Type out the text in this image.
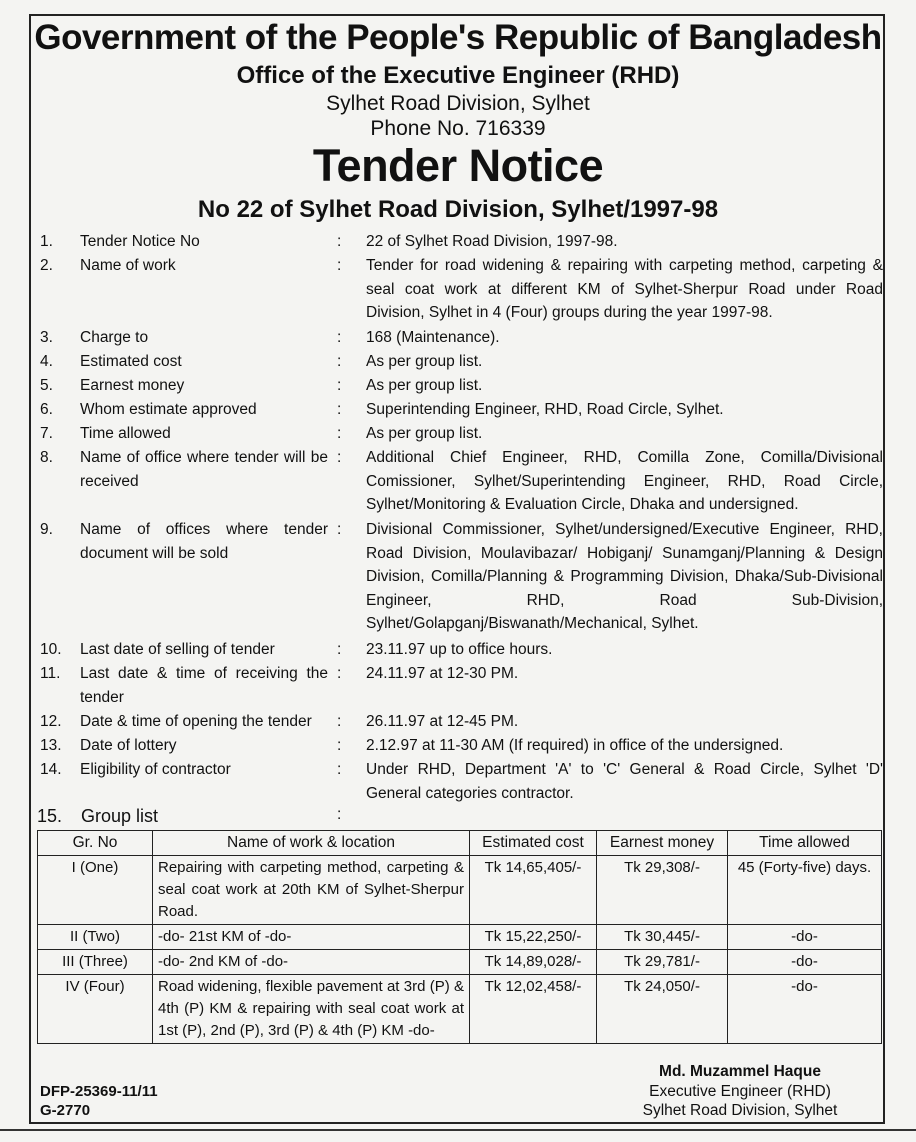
Government of the People's Republic of Bangladesh
Office of the Executive Engineer (RHD)
Sylhet Road Division, Sylhet
Phone No. 716339
Tender Notice
No 22 of Sylhet Road Division, Sylhet/1997-98
1. Tender Notice No	: 22 of Sylhet Road Division, 1997-98.
2. Name of work	: Tender for road widening & repairing with carpeting method, carpeting & seal coat work at different KM of Sylhet-Sherpur Road under Road Division, Sylhet in 4 (Four) groups during the year 1997-98.
3. Charge to	: 168 (Maintenance).
4. Estimated cost	: As per group list.
5. Earnest money	: As per group list.
6. Whom estimate approved	: Superintending Engineer, RHD, Road Circle, Sylhet.
7. Time allowed	: As per group list.
8. Name of office where tender will be received
: Additional Chief Engineer, RHD, Comilla Zone, Comilla/Divisional Comissioner, Sylhet/Superintending Engineer, RHD, Road Circle, Sylhet/Monitoring & Evaluation Circle, Dhaka and undersigned.
9. Name of offices where tender document will be sold
: Divisional Commissioner, Sylhet/undersigned/Executive Engineer, RHD, Road Division, Moulavibazar/ Hobiganj/ Sunamganj/Planning & Design Division, Comilla/Planning & Programming Division, Dhaka/Sub-Divisional Engineer, RHD, Road Sub-Division, Sylhet/Golapganj/Biswanath/Mechanical, Sylhet.
10. Last date of selling of tender	: 23.11.97 up to office hours.
11. Last date & time of receiving the tender
: 24.11.97 at 12-30 PM.
12. Date & time of opening the tender	: 26.11.97 at 12-45 PM.
13. Date of lottery	: 2.12.97 at 11-30 AM (If required) in office of the undersigned.
14. Eligibility of contractor	: Under RHD, Department 'A' to 'C' General & Road Circle, Sylhet 'D' General categories contractor.
15. Group list	:
Gr. No	Name of work & location	Estimated cost	Earnest money	Time allowed
I (One)	Repairing with carpeting method, carpeting & seal coat work at 20th KM of Sylhet-Sherpur Road.	Tk 14,65,405/-	Tk 29,308/-	45 (Forty-five) days.
II (Two)	-do- 21st KM of -do-	Tk 15,22,250/-	Tk 30,445/-	-do-
III (Three)	-do- 2nd KM of -do-	Tk 14,89,028/-	Tk 29,781/-	-do-
IV (Four)	Road widening, flexible pavement at 3rd (P) & 4th (P) KM & repairing with seal coat work at 1st (P), 2nd (P), 3rd (P) & 4th (P) KM -do-	Tk 12,02,458/-	Tk 24,050/-	-do-
Md. Muzammel Haque
Executive Engineer (RHD)
Sylhet Road Division, Sylhet
DFP-25369-11/11
G-2770
